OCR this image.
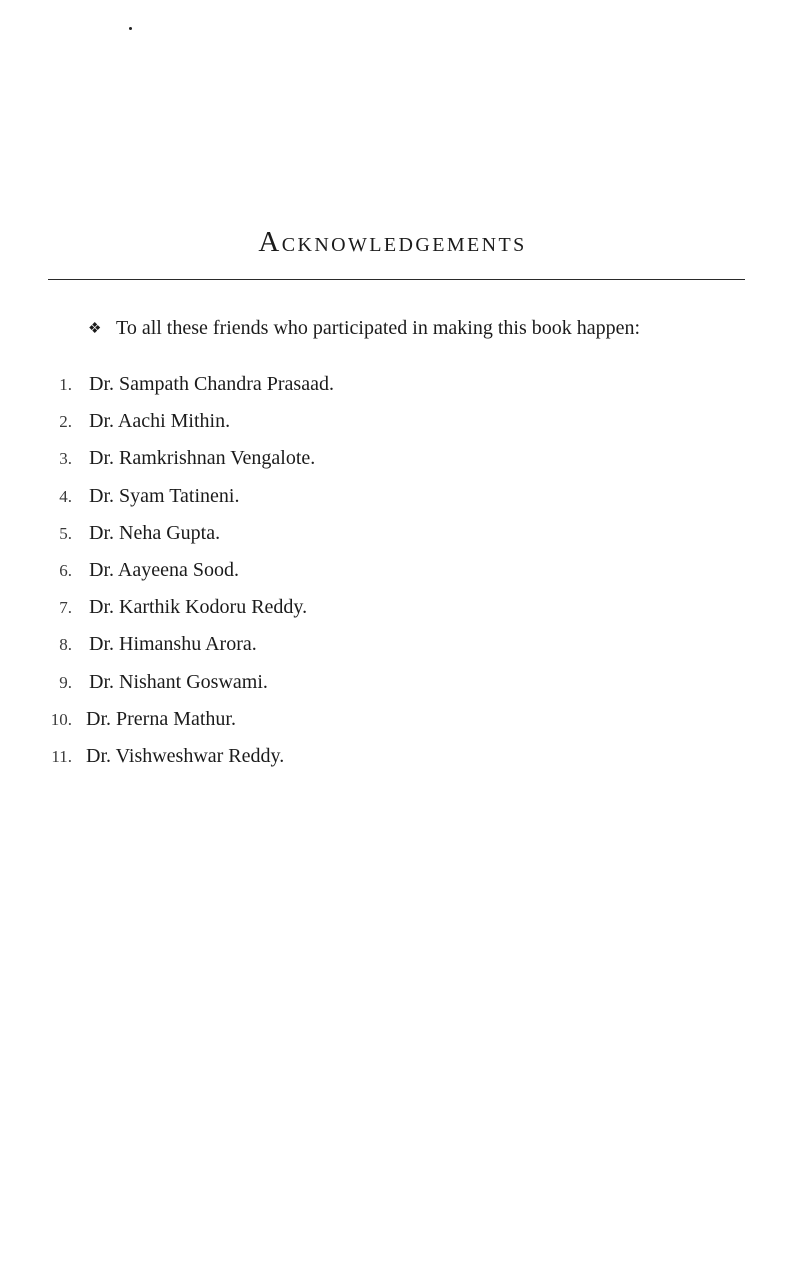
Acknowledgements
❖ To all these friends who participated in making this book happen:
1. Dr. Sampath Chandra Prasaad.
2. Dr. Aachi Mithin.
3. Dr. Ramkrishnan Vengalote.
4. Dr. Syam Tatineni.
5. Dr. Neha Gupta.
6. Dr. Aayeena Sood.
7. Dr. Karthik Kodoru Reddy.
8. Dr. Himanshu Arora.
9. Dr. Nishant Goswami.
10. Dr. Prerna Mathur.
11. Dr. Vishweshwar Reddy.
